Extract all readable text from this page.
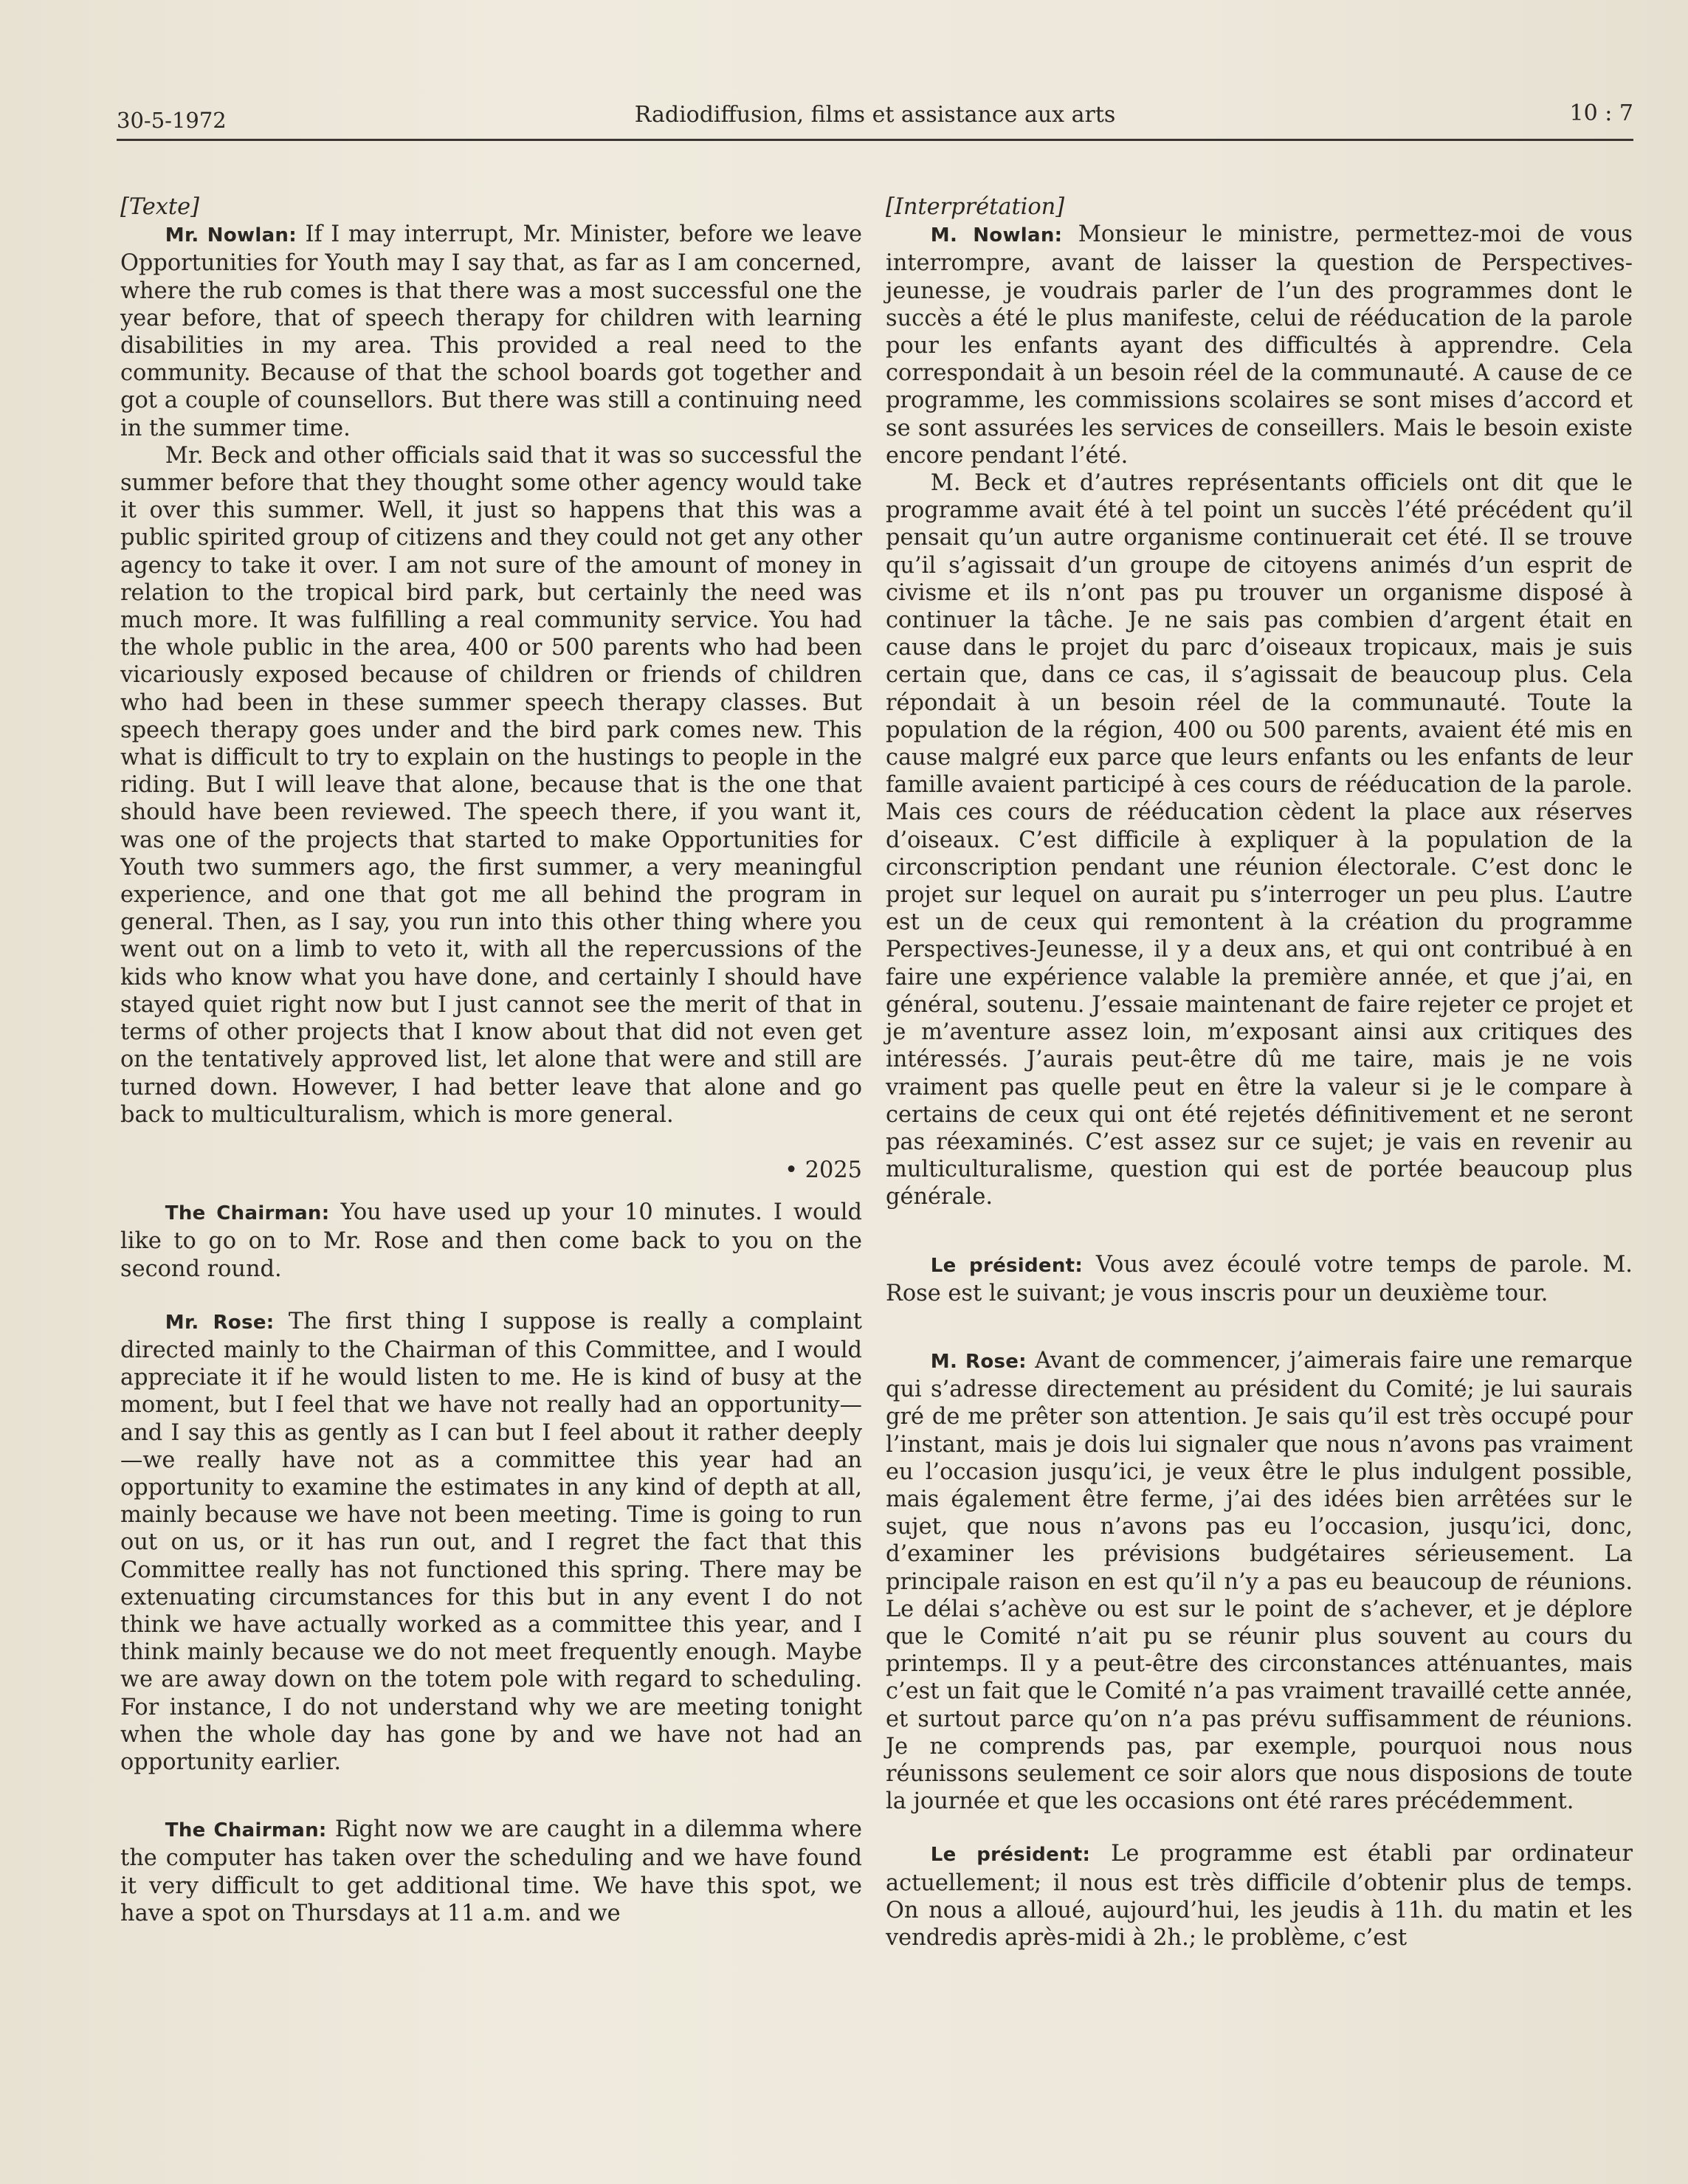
30-5-1972	Radiodiffusion, films et assistance aux arts	10 : 7
[Texte]

Mr. Nowlan: If I may interrupt, Mr. Minister, before we leave Opportunities for Youth may I say that, as far as I am concerned, where the rub comes is that there was a most successful one the year before, that of speech therapy for children with learning disabilities in my area. This provided a real need to the community. Because of that the school boards got together and got a couple of counsellors. But there was still a continuing need in the summer time.

Mr. Beck and other officials said that it was so successful the summer before that they thought some other agency would take it over this summer. Well, it just so happens that this was a public spirited group of citizens and they could not get any other agency to take it over. I am not sure of the amount of money in relation to the tropical bird park, but certainly the need was much more. It was fulfilling a real community service. You had the whole public in the area, 400 or 500 parents who had been vicariously exposed because of children or friends of children who had been in these summer speech therapy classes. But speech therapy goes under and the bird park comes new. This what is difficult to try to explain on the hustings to people in the riding. But I will leave that alone, because that is the one that should have been reviewed. The speech there, if you want it, was one of the projects that started to make Opportunities for Youth two summers ago, the first summer, a very meaningful experience, and one that got me all behind the program in general. Then, as I say, you run into this other thing where you went out on a limb to veto it, with all the repercussions of the kids who know what you have done, and certainly I should have stayed quiet right now but I just cannot see the merit of that in terms of other projects that I know about that did not even get on the tentatively approved list, let alone that were and still are turned down. However, I had better leave that alone and go back to multiculturalism, which is more general.

• 2025

The Chairman: You have used up your 10 minutes. I would like to go on to Mr. Rose and then come back to you on the second round.

Mr. Rose: The first thing I suppose is really a complaint directed mainly to the Chairman of this Committee, and I would appreciate it if he would listen to me. He is kind of busy at the moment, but I feel that we have not really had an opportunity—and I say this as gently as I can but I feel about it rather deeply—we really have not as a committee this year had an opportunity to examine the estimates in any kind of depth at all, mainly because we have not been meeting. Time is going to run out on us, or it has run out, and I regret the fact that this Committee really has not functioned this spring. There may be extenuating circumstances for this but in any event I do not think we have actually worked as a committee this year, and I think mainly because we do not meet frequently enough. Maybe we are away down on the totem pole with regard to scheduling. For instance, I do not understand why we are meeting tonight when the whole day has gone by and we have not had an opportunity earlier.

The Chairman: Right now we are caught in a dilemma where the computer has taken over the scheduling and we have found it very difficult to get additional time. We have this spot, we have a spot on Thursdays at 11 a.m. and we

[Interprétation]

M. Nowlan: Monsieur le ministre, permettez-moi de vous interrompre, avant de laisser la question de Perspectives-jeunesse, je voudrais parler de l’un des programmes dont le succès a été le plus manifeste, celui de rééducation de la parole pour les enfants ayant des difficultés à apprendre. Cela correspondait à un besoin réel de la communauté. A cause de ce programme, les commissions scolaires se sont mises d’accord et se sont assurées les services de conseillers. Mais le besoin existe encore pendant l’été.

M. Beck et d’autres représentants officiels ont dit que le programme avait été à tel point un succès l’été précédent qu’il pensait qu’un autre organisme continuerait cet été. Il se trouve qu’il s’agissait d’un groupe de citoyens animés d’un esprit de civisme et ils n’ont pas pu trouver un organisme disposé à continuer la tâche. Je ne sais pas combien d’argent était en cause dans le projet du parc d’oiseaux tropicaux, mais je suis certain que, dans ce cas, il s’agissait de beaucoup plus. Cela répondait à un besoin réel de la communauté. Toute la population de la région, 400 ou 500 parents, avaient été mis en cause malgré eux parce que leurs enfants ou les enfants de leur famille avaient participé à ces cours de rééducation de la parole. Mais ces cours de rééducation cèdent la place aux réserves d’oiseaux. C’est difficile à expliquer à la population de la circonscription pendant une réunion électorale. C’est donc le projet sur lequel on aurait pu s’interroger un peu plus. L’autre est un de ceux qui remontent à la création du programme Perspectives-Jeunesse, il y a deux ans, et qui ont contribué à en faire une expérience valable la première année, et que j’ai, en général, soutenu. J’essaie maintenant de faire rejeter ce projet et je m’aventure assez loin, m’exposant ainsi aux critiques des intéressés. J’aurais peut-être dû me taire, mais je ne vois vraiment pas quelle peut en être la valeur si je le compare à certains de ceux qui ont été rejetés définitivement et ne seront pas réexaminés. C’est assez sur ce sujet; je vais en revenir au multiculturalisme, question qui est de portée beaucoup plus générale.

Le président: Vous avez écoulé votre temps de parole. M. Rose est le suivant; je vous inscris pour un deuxième tour.

M. Rose: Avant de commencer, j’aimerais faire une remarque qui s’adresse directement au président du Comité; je lui saurais gré de me prêter son attention. Je sais qu’il est très occupé pour l’instant, mais je dois lui signaler que nous n’avons pas vraiment eu l’occasion jusqu’ici, je veux être le plus indulgent possible, mais également être ferme, j’ai des idées bien arrêtées sur le sujet, que nous n’avons pas eu l’occasion, jusqu’ici, donc, d’examiner les prévisions budgétaires sérieusement. La principale raison en est qu’il n’y a pas eu beaucoup de réunions. Le délai s’achève ou est sur le point de s’achever, et je déplore que le Comité n’ait pu se réunir plus souvent au cours du printemps. Il y a peut-être des circonstances atténuantes, mais c’est un fait que le Comité n’a pas vraiment travaillé cette année, et surtout parce qu’on n’a pas prévu suffisamment de réunions. Je ne comprends pas, par exemple, pourquoi nous nous réunissons seulement ce soir alors que nous disposions de toute la journée et que les occasions ont été rares précédemment.

Le président: Le programme est établi par ordinateur actuellement; il nous est très difficile d’obtenir plus de temps. On nous a alloué, aujourd’hui, les jeudis à 11h. du matin et les vendredis après-midi à 2h.; le problème, c’est
